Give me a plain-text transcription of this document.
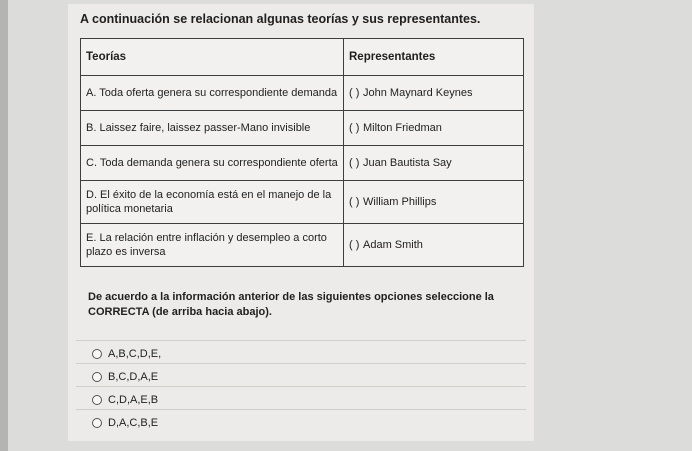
A continuación se relacionan algunas teorías y sus representantes.
Teorías	Representantes
A. Toda oferta genera su correspondiente demanda	( ) John Maynard Keynes
B. Laissez faire, laissez passer-Mano invisible	( ) Milton Friedman
C. Toda demanda genera su correspondiente oferta	( ) Juan Bautista Say
D. El éxito de la economía está en el manejo de la política monetaria	( ) William Phillips
E. La relación entre inflación y desempleo a corto plazo es inversa	( ) Adam Smith
De acuerdo a la información anterior de las siguientes opciones seleccione la CORRECTA (de arriba hacia abajo).
A,B,C,D,E,
B,C,D,A,E
C,D,A,E,B
D,A,C,B,E
